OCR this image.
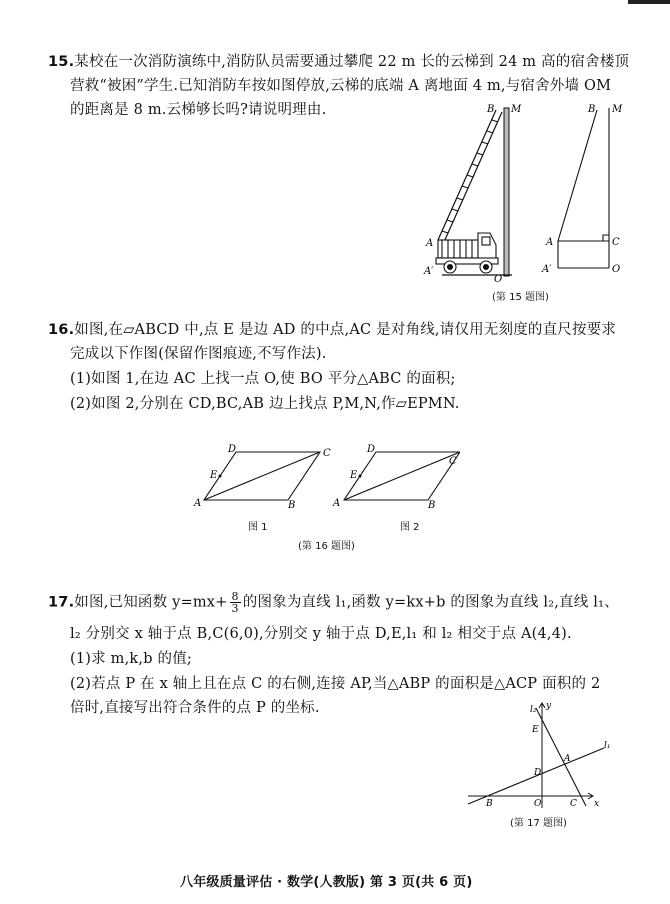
15.某校在一次消防演练中,消防队员需要通过攀爬 22 m 长的云梯到 24 m 高的宿舍楼顶
营救“被困”学生.已知消防车按如图停放,云梯的底端 A 离地面 4 m,与宿舍外墙 OM
的距离是 8 m.云梯够长吗?请说明理由.	B M
A
A′
O
B M
A	C
A′	O
(第 15 题图)
16.如图,在▱ABCD 中,点 E 是边 AD 的中点,AC 是对角线,请仅用无刻度的直尺按要求
完成以下作图(保留作图痕迹,不写作法).
(1)如图 1,在边 AC 上找一点 O,使 BO 平分△ABC 的面积;
(2)如图 2,分别在 CD,BC,AB 边上找点 P,M,N,作▱EPMN.
A	B
C
D
E
A	B
C
D
E
图 1	图 2
(第 16 题图)
17.如图,已知函数 $y=mx+ \frac{8}{3}$ 的图象为直线 l₁,函数 y=kx+b 的图象为直线 l₂,直线 l₁、
l₂ 分别交 x 轴于点 B,C(6,0),分别交 y 轴于点 D,E,l₁ 和 l₂ 相交于点 A(4,4).
(1)求 m,k,b 的值;
(2)若点 P 在 x 轴上且在点 C 的右侧,连接 AP,当△ABP 的面积是△ACP 面积的 2
倍时,直接写出符合条件的点 P 的坐标.	l₂ y
E
A
l₁
D
B	O	C x
(第 17 题图)
八年级质量评估 · 数学(人教版) 第 3 页(共 6 页)
